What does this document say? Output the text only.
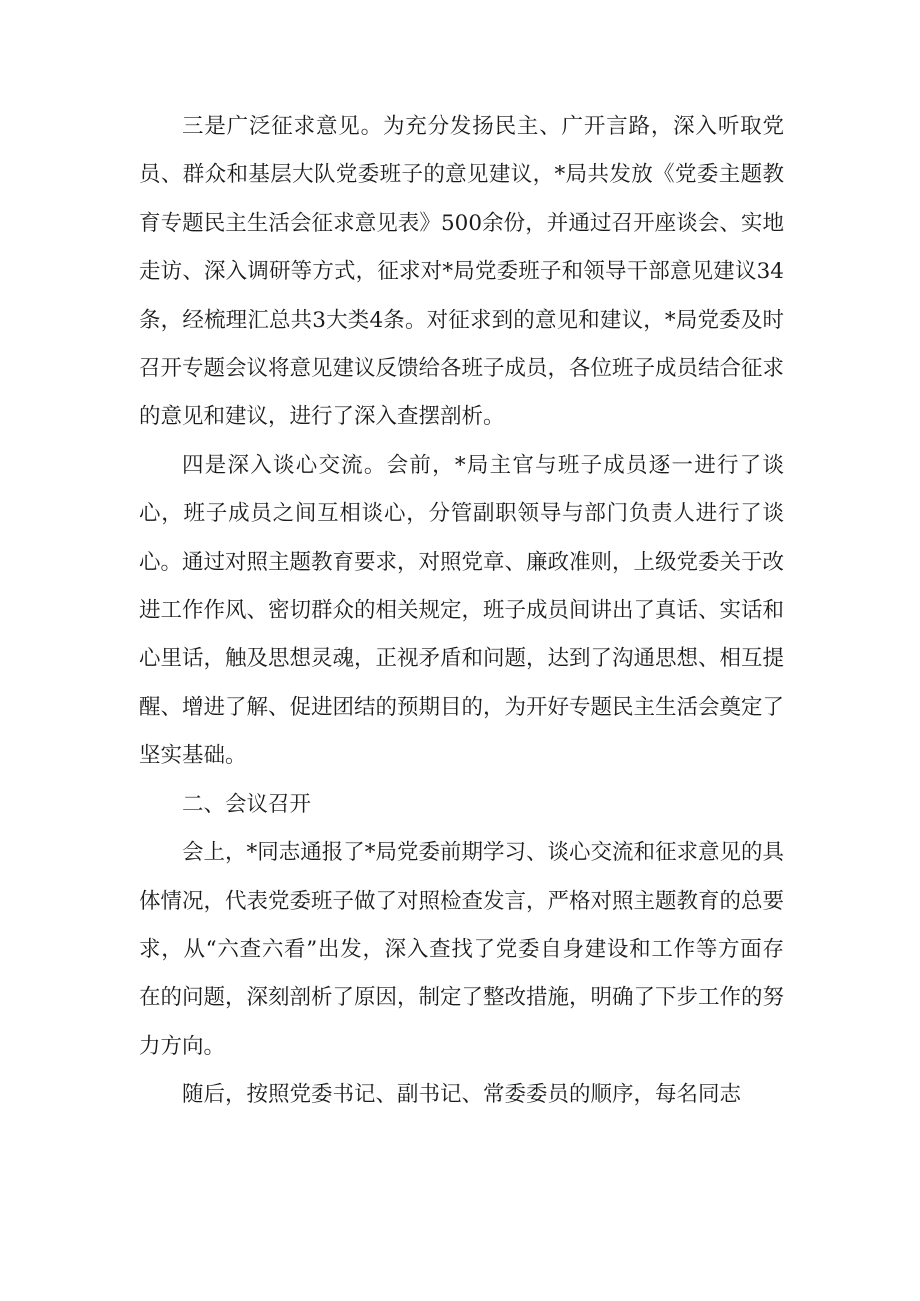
三是广泛征求意见。为充分发扬民主、广开言路，深入听取党员、群众和基层大队党委班子的意见建议，*局共发放《党委主题教育专题民主生活会征求意见表》500余份，并通过召开座谈会、实地走访、深入调研等方式，征求对*局党委班子和领导干部意见建议34条，经梳理汇总共3大类4条。对征求到的意见和建议，*局党委及时召开专题会议将意见建议反馈给各班子成员，各位班子成员结合征求的意见和建议，进行了深入查摆剖析。

四是深入谈心交流。会前，*局主官与班子成员逐一进行了谈心，班子成员之间互相谈心，分管副职领导与部门负责人进行了谈心。通过对照主题教育要求，对照党章、廉政准则，上级党委关于改进工作作风、密切群众的相关规定，班子成员间讲出了真话、实话和心里话，触及思想灵魂，正视矛盾和问题，达到了沟通思想、相互提醒、增进了解、促进团结的预期目的，为开好专题民主生活会奠定了坚实基础。

二、会议召开

会上，*同志通报了*局党委前期学习、谈心交流和征求意见的具体情况，代表党委班子做了对照检查发言，严格对照主题教育的总要求，从“六查六看”出发，深入查找了党委自身建设和工作等方面存在的问题，深刻剖析了原因，制定了整改措施，明确了下步工作的努力方向。

随后，按照党委书记、副书记、常委委员的顺序，每名同志
